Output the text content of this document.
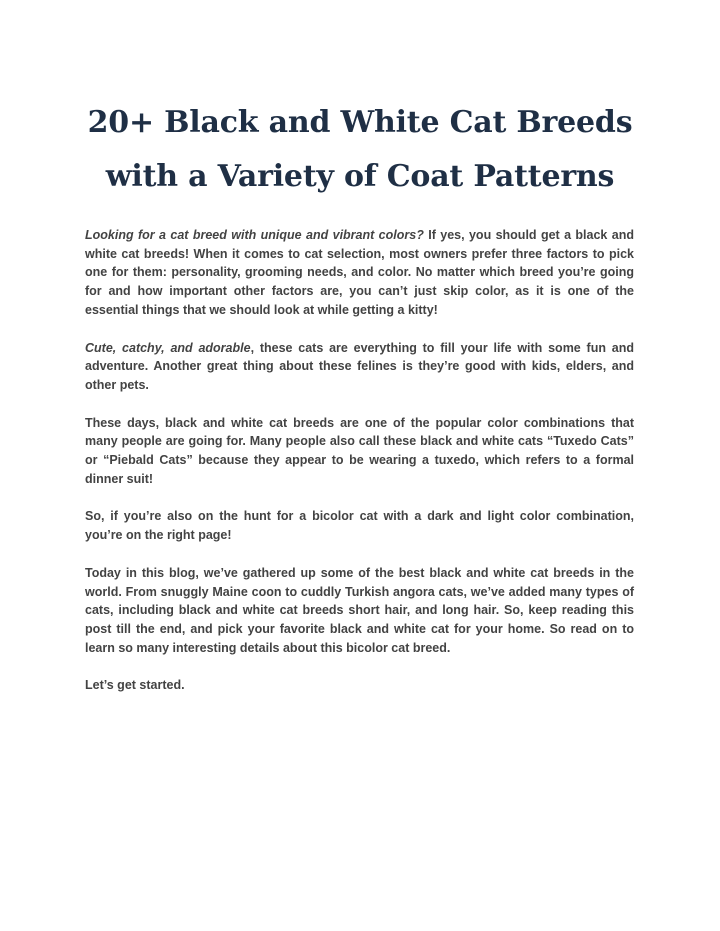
20+ Black and White Cat Breeds
with a Variety of Coat Patterns

Looking for a cat breed with unique and vibrant colors? If yes, you should get a black and white cat breeds! When it comes to cat selection, most owners prefer three factors to pick one for them: personality, grooming needs, and color. No matter which breed you’re going for and how important other factors are, you can’t just skip color, as it is one of the essential things that we should look at while getting a kitty!

Cute, catchy, and adorable, these cats are everything to fill your life with some fun and adventure. Another great thing about these felines is they’re good with kids, elders, and other pets.

These days, black and white cat breeds are one of the popular color combinations that many people are going for. Many people also call these black and white cats “Tuxedo Cats” or “Piebald Cats” because they appear to be wearing a tuxedo, which refers to a formal dinner suit!

So, if you’re also on the hunt for a bicolor cat with a dark and light color combination, you’re on the right page!

Today in this blog, we’ve gathered up some of the best black and white cat breeds in the world. From snuggly Maine coon to cuddly Turkish angora cats, we’ve added many types of cats, including black and white cat breeds short hair, and long hair. So, keep reading this post till the end, and pick your favorite black and white cat for your home. So read on to learn so many interesting details about this bicolor cat breed.

Let’s get started.
